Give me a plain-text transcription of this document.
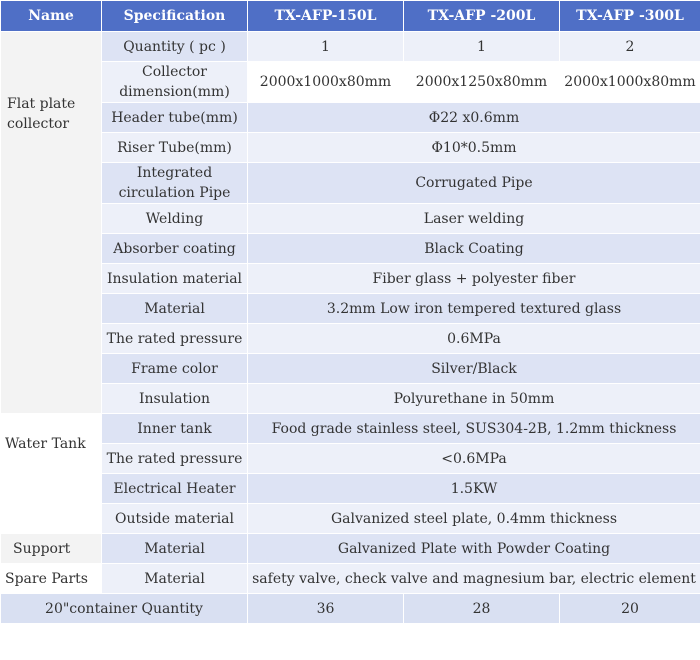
Name	Specification	TX-AFP-150L	TX-AFP -200L	TX-AFP -300L
Flat plate collector	Quantity ( pc )	1	1	2
	Collector dimension(mm)	2000x1000x80mm	2000x1250x80mm	2000x1000x80mm
	Header tube(mm)	Φ22 x0.6mm		
	Riser Tube(mm)	Φ10*0.5mm		
	Integrated circulation Pipe	Corrugated Pipe		
	Welding	Laser welding		
	Absorber coating	Black Coating		
	Insulation material	Fiber glass + polyester fiber		
	Material	3.2mm Low iron tempered textured glass		
	The rated pressure	0.6MPa		
	Frame color	Silver/Black		
	Insulation	Polyurethane in 50mm		
Water Tank	Inner tank	Food grade stainless steel, SUS304-2B, 1.2mm thickness		
	The rated pressure	<0.6MPa		
	Electrical Heater	1.5KW		
	Outside material	Galvanized steel plate, 0.4mm thickness		
Support	Material	Galvanized Plate with Powder Coating		
Spare Parts	Material	safety valve, check valve and magnesium bar, electric element		
20"container Quantity		36	28	20
